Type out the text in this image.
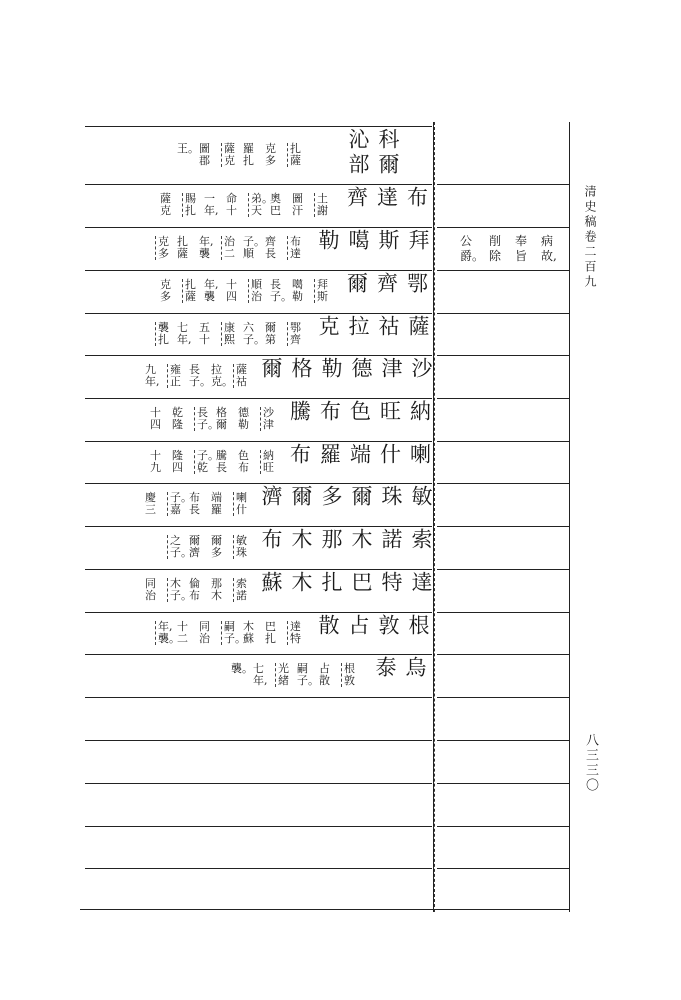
科爾沁部
扎
薩
克
多
羅
扎
薩
克
圖
郡
王。
布達齊
土
謝
圖
汗
奧
巴
弟。
天
命
十
一
年,
賜
扎
薩
克
拜斯噶勒
布
達
齊
長
子。
順
治
二
年,
襲
扎
薩
克
多
鄂齊爾
拜
斯
噶
勒
長
子。
順
治
十
四
年,
襲
扎
薩
克
多
薩祜拉克
鄂
齊
爾
第
六
子。
康
熙
五
十
七
年,
襲
扎
沙津德勒格爾
薩
祜
拉
克。
長
子。
雍
正
九
年,
納旺色布騰
沙
津
德
勒
格
爾
長
子。
乾
隆
十
四
喇什端羅布
納
旺
色
布
騰
長
子。
乾
隆
四
十
九
敏珠爾多爾濟
喇
什
端
羅
布
長
子。
嘉
慶
三
索諾木那木布
敏
珠
爾
多
爾
濟
之
子。
達特巴扎木蘇
索
諾
那
木
倫
布
木
子。
同
治
根敦占散
達
特
巴
扎
木
蘇
嗣
子。
同
治
十
二
年,
襲。
烏泰
根
敦
占
散
嗣
子。
光
緒
七
年,
襲。
病
故,
奉
旨
削
除
公
爵。	清史稿卷二百九
八三三〇
